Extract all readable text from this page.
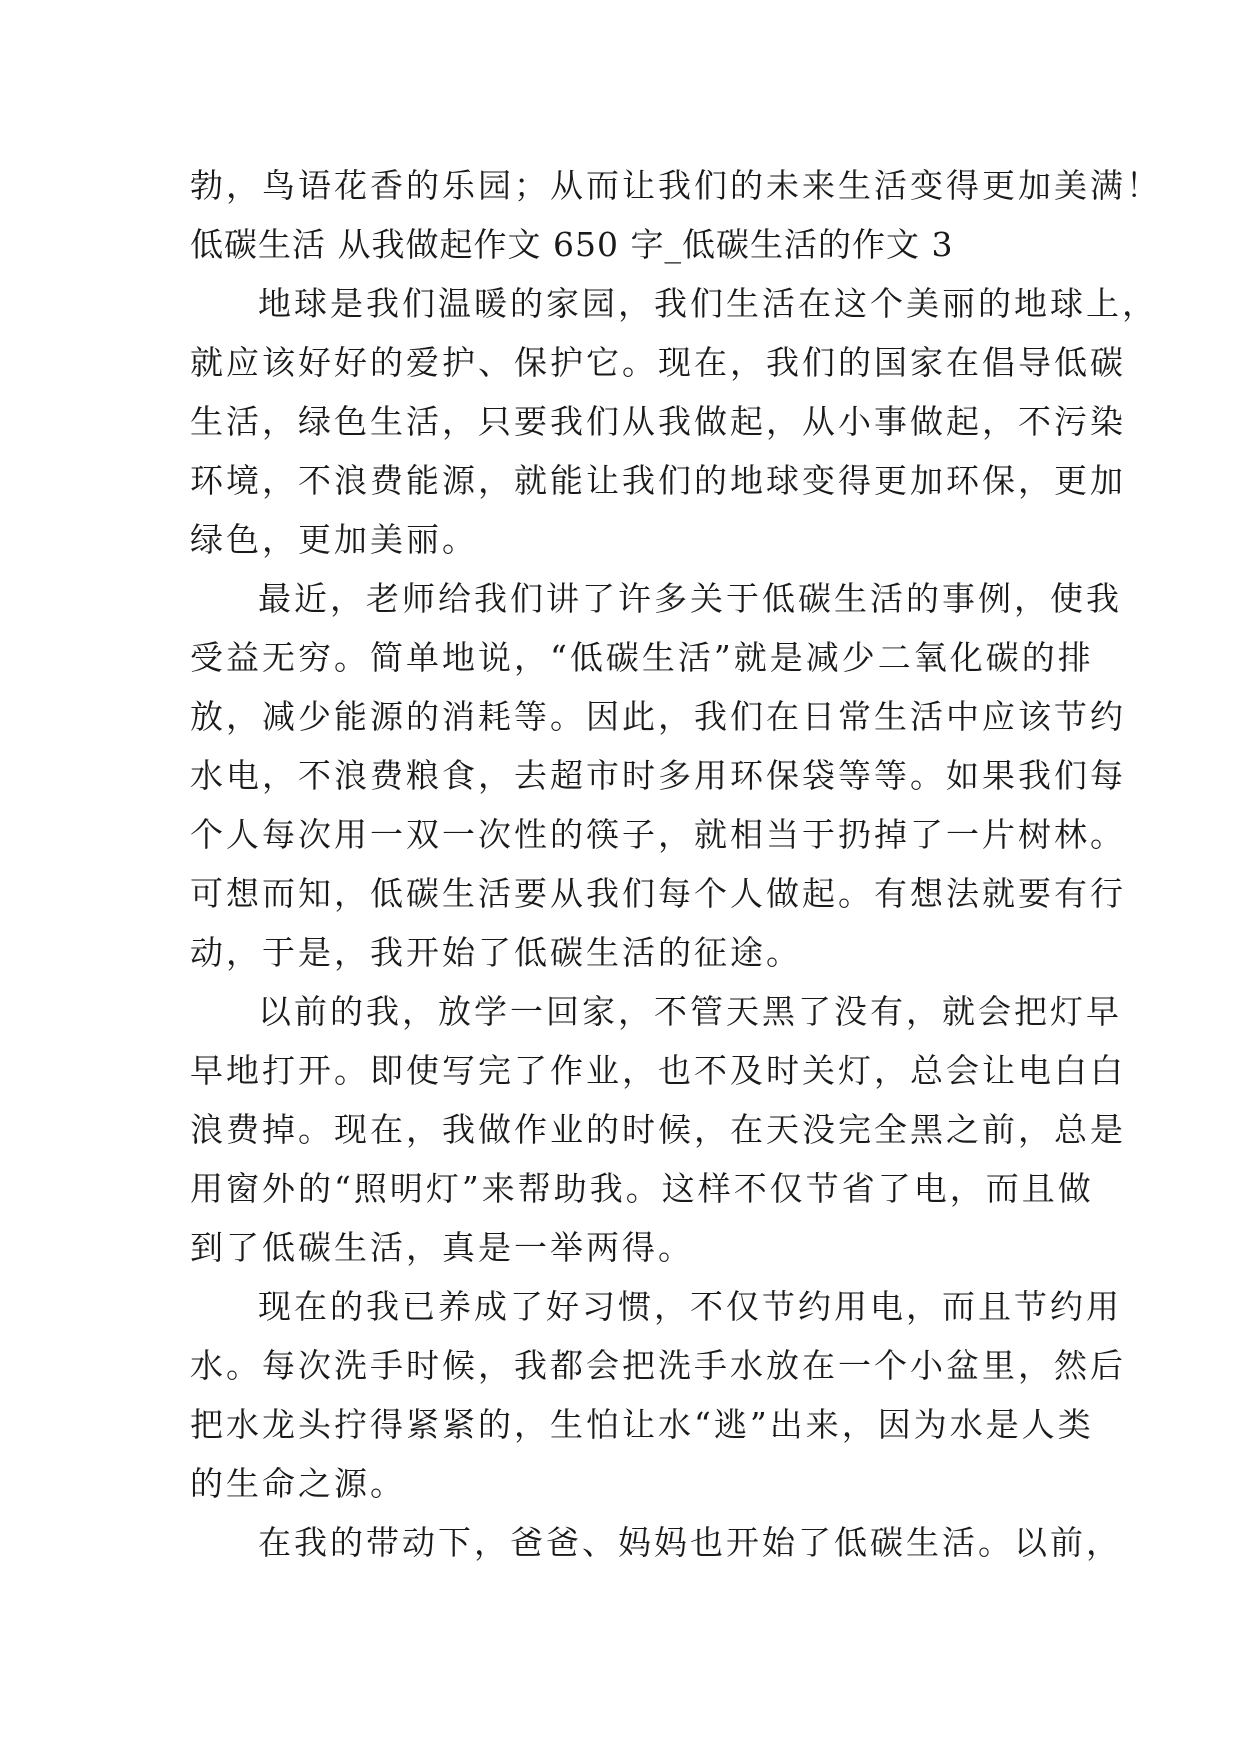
勃，鸟语花香的乐园；从而让我们的未来生活变得更加美满！
低碳生活 从我做起作文 650 字_低碳生活的作文 3
地球是我们温暖的家园，我们生活在这个美丽的地球上，
就应该好好的爱护、保护它。现在，我们的国家在倡导低碳
生活，绿色生活，只要我们从我做起，从小事做起，不污染
环境，不浪费能源，就能让我们的地球变得更加环保，更加
绿色，更加美丽。
最近，老师给我们讲了许多关于低碳生活的事例，使我
受益无穷。简单地说，“低碳生活”就是减少二氧化碳的排
放，减少能源的消耗等。因此，我们在日常生活中应该节约
水电，不浪费粮食，去超市时多用环保袋等等。如果我们每
个人每次用一双一次性的筷子，就相当于扔掉了一片树林。
可想而知，低碳生活要从我们每个人做起。有想法就要有行
动，于是，我开始了低碳生活的征途。
以前的我，放学一回家，不管天黑了没有，就会把灯早
早地打开。即使写完了作业，也不及时关灯，总会让电白白
浪费掉。现在，我做作业的时候，在天没完全黑之前，总是
用窗外的“照明灯”来帮助我。这样不仅节省了电，而且做
到了低碳生活，真是一举两得。
现在的我已养成了好习惯，不仅节约用电，而且节约用
水。每次洗手时候，我都会把洗手水放在一个小盆里，然后
把水龙头拧得紧紧的，生怕让水“逃”出来，因为水是人类
的生命之源。
在我的带动下，爸爸、妈妈也开始了低碳生活。以前，
